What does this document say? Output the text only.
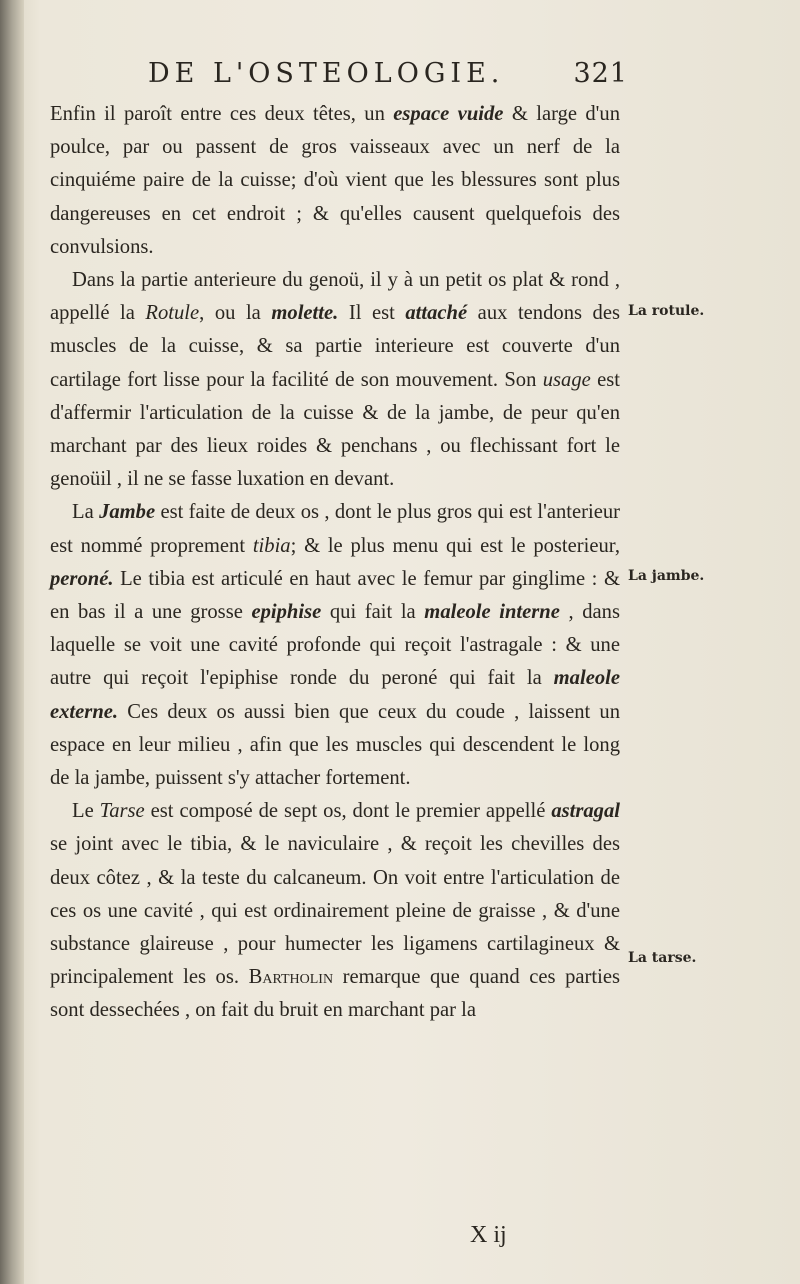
DE L'OSTEOLOGIE.	321

Enfin il paroît entre ces deux têtes, un espace vuide & large d'un poulce, par ou passent de gros vaisseaux avec un nerf de la cinquiéme paire de la cuisse; d'où vient que les blessures sont plus dangereuses en cet endroit ; & qu'elles causent quelquefois des convulsions.

Dans la partie anterieure du genoü, il y à un petit os plat & rond , appellé la Rotule, ou la molette. Il est attaché aux tendons des muscles de la cuisse, & sa partie interieure est couverte d'un cartilage fort lisse pour la facilité de son mouvement. Son usage est d'affermir l'articulation de la cuisse & de la jambe, de peur qu'en marchant par des lieux roides & penchans , ou flechissant fort le genoüil , il ne se fasse luxation en devant.

La Jambe est faite de deux os , dont le plus gros qui est l'anterieur est nommé proprement tibia; & le plus menu qui est le posterieur, peroné. Le tibia est articulé en haut avec le femur par ginglime : & en bas il a une grosse epiphise qui fait la maleole interne , dans laquelle se voit une cavité profonde qui reçoit l'astragale : & une autre qui reçoit l'epiphise ronde du peroné qui fait la maleole externe. Ces deux os aussi bien que ceux du coude , laissent un espace en leur milieu , afin que les muscles qui descendent le long de la jambe, puissent s'y attacher fortement.

Le Tarse est composé de sept os, dont le premier appellé astragal se joint avec le tibia, & le naviculaire , & reçoit les chevilles des deux côtez , & la teste du calcaneum. On voit entre l'articulation de ces os une cavité , qui est ordinairement pleine de graisse , & d'une substance glaireuse , pour humecter les ligamens cartilagineux & principalement les os. Bartholin remarque que quand ces parties sont dessechées , on fait du bruit en marchant par la

La rotule.
La jambe.
La tarse.
X ij
